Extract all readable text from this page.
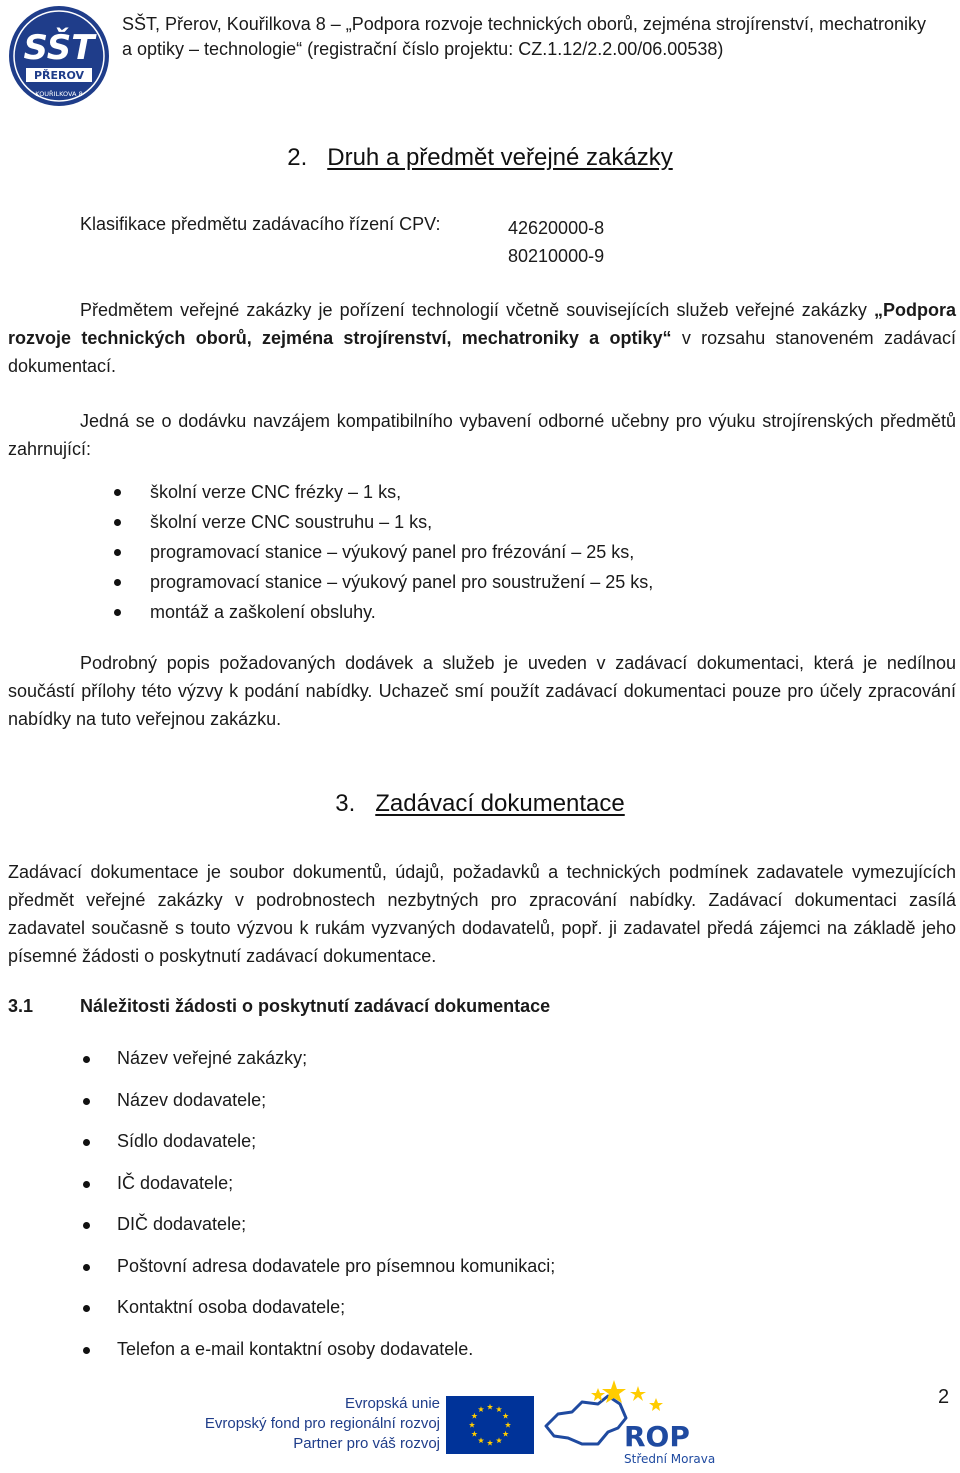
SŠT
PŘEROV
KOUŘILKOVA 8
SŠT, Přerov, Kouřilkova 8 – „Podpora rozvoje technických oborů, zejména strojírenství, mechatroniky
a optiky – technologie“ (registrační číslo projektu: CZ.1.12/2.2.00/06.00538)
2. Druh a předmět veřejné zakázky
Klasifikace předmětu zadávacího řízení CPV:	42620000-8
80210000-9

Předmětem veřejné zakázky je pořízení technologií včetně souvisejících služeb veřejné zakázky „Podpora rozvoje technických oborů, zejména strojírenství, mechatroniky a optiky“ v rozsahu stanoveném zadávací dokumentací.

Jedná se o dodávku navzájem kompatibilního vybavení odborné učebny pro výuku strojírenských předmětů zahrnující:

školní verze CNC frézky – 1 ks,
školní verze CNC soustruhu – 1 ks,
programovací stanice – výukový panel pro frézování – 25 ks,
programovací stanice – výukový panel pro soustružení – 25 ks,
montáž a zaškolení obsluhy.

Podrobný popis požadovaných dodávek a služeb je uveden v zadávací dokumentaci, která je nedílnou součástí přílohy této výzvy k podání nabídky. Uchazeč smí použít zadávací dokumentaci pouze pro účely zpracování nabídky na tuto veřejnou zakázku.

3. Zadávací dokumentace

Zadávací dokumentace je soubor dokumentů, údajů, požadavků a technických podmínek zadavatele vymezujících předmět veřejné zakázky v podrobnostech nezbytných pro zpracování nabídky. Zadávací dokumentaci zasílá zadavatel současně s touto výzvou k rukám vyzvaných dodavatelů, popř. ji zadavatel předá zájemci na základě jeho písemné žádosti o poskytnutí zadávací dokumentace.

3.1	Náležitosti žádosti o poskytnutí zadávací dokumentace
Název veřejné zakázky;
Název dodavatele;
Sídlo dodavatele;
IČ dodavatele;
DIČ dodavatele;
Poštovní adresa dodavatele pro písemnou komunikaci;
Kontaktní osoba dodavatele;
Telefon a e-mail kontaktní osoby dodavatele.
Evropská unie
Evropský fond pro regionální rozvoj
Partner pro váš rozvoj	ROP
Střední Morava
2
